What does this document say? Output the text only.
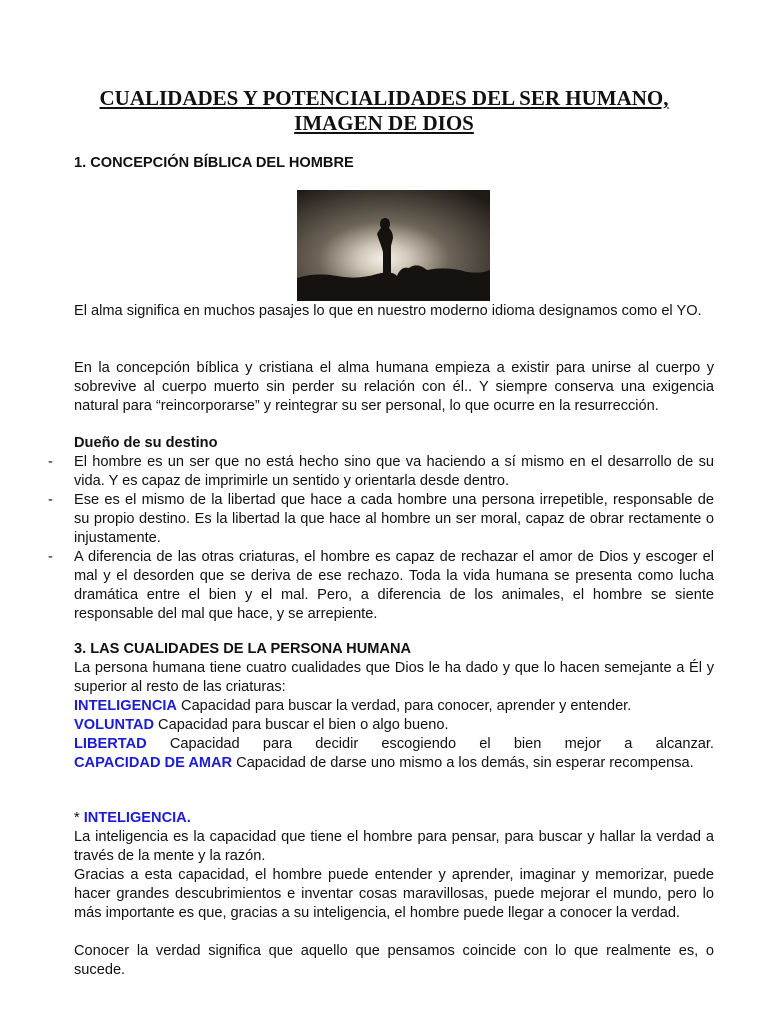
CUALIDADES Y POTENCIALIDADES DEL SER HUMANO,
IMAGEN DE DIOS
1. CONCEPCIÓN BÍBLICA DEL HOMBRE

El alma significa en muchos pasajes lo que en nuestro moderno idioma designamos como el YO.

En la concepción bíblica y cristiana el alma humana empieza a existir para unirse al cuerpo y sobrevive al cuerpo muerto sin perder su relación con él.. Y siempre conserva una exigencia natural para “reincorporarse” y reintegrar su ser personal, lo que ocurre en la resurrección.

Dueño de su destino
- El hombre es un ser que no está hecho sino que va haciendo a sí mismo en el desarrollo de su vida. Y es capaz de imprimirle un sentido y orientarla desde dentro.
- Ese es el mismo de la libertad que hace a cada hombre una persona irrepetible, responsable de su propio destino. Es la libertad la que hace al hombre un ser moral, capaz de obrar rectamente o injustamente.
- A diferencia de las otras criaturas, el hombre es capaz de rechazar el amor de Dios y escoger el mal y el desorden que se deriva de ese rechazo. Toda la vida humana se presenta como lucha dramática entre el bien y el mal. Pero, a diferencia de los animales, el hombre se siente responsable del mal que hace, y se arrepiente.
3. LAS CUALIDADES DE LA PERSONA HUMANA

La persona humana tiene cuatro cualidades que Dios le ha dado y que lo hacen semejante a Él y superior al resto de las criaturas:

INTELIGENCIA Capacidad para buscar la verdad, para conocer, aprender y entender.

VOLUNTAD Capacidad para buscar el bien o algo bueno.

LIBERTAD Capacidad para decidir escogiendo el bien mejor a alcanzar.

CAPACIDAD DE AMAR Capacidad de darse uno mismo a los demás, sin esperar recompensa.

* INTELIGENCIA.

La inteligencia es la capacidad que tiene el hombre para pensar, para buscar y hallar la verdad a través de la mente y la razón.

Gracias a esta capacidad, el hombre puede entender y aprender, imaginar y memorizar, puede hacer grandes descubrimientos e inventar cosas maravillosas, puede mejorar el mundo, pero lo más importante es que, gracias a su inteligencia, el hombre puede llegar a conocer la verdad.

Conocer la verdad significa que aquello que pensamos coincide con lo que realmente es, o sucede.
